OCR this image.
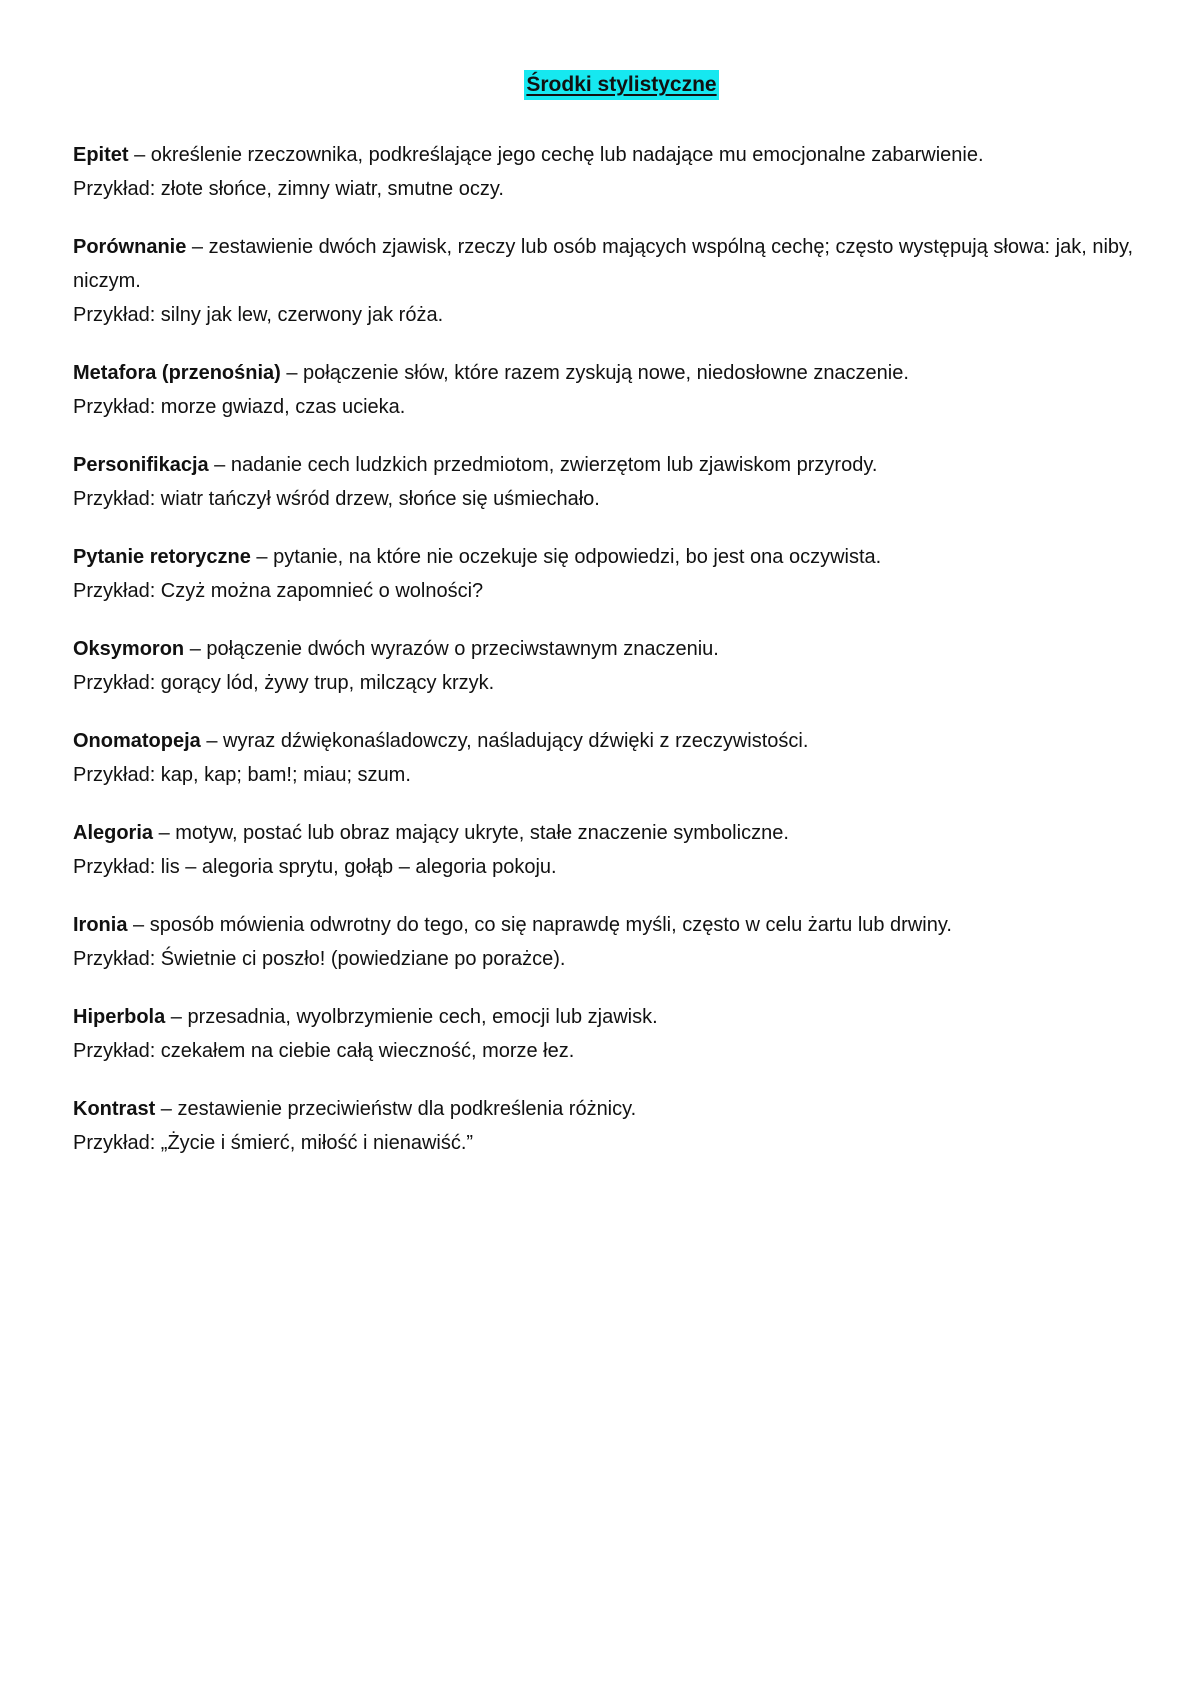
Środki stylistyczne

Epitet – określenie rzeczownika, podkreślające jego cechę lub nadające mu emocjonalne zabarwienie.

Przykład: złote słońce, zimny wiatr, smutne oczy.

Porównanie – zestawienie dwóch zjawisk, rzeczy lub osób mających wspólną cechę; często występują słowa: jak, niby, niczym.

Przykład: silny jak lew, czerwony jak róża.

Metafora (przenośnia) – połączenie słów, które razem zyskują nowe, niedosłowne znaczenie.

Przykład: morze gwiazd, czas ucieka.

Personifikacja – nadanie cech ludzkich przedmiotom, zwierzętom lub zjawiskom przyrody.

Przykład: wiatr tańczył wśród drzew, słońce się uśmiechało.

Pytanie retoryczne – pytanie, na które nie oczekuje się odpowiedzi, bo jest ona oczywista.

Przykład: Czyż można zapomnieć o wolności?

Oksymoron – połączenie dwóch wyrazów o przeciwstawnym znaczeniu.

Przykład: gorący lód, żywy trup, milczący krzyk.

Onomatopeja – wyraz dźwiękonaśladowczy, naśladujący dźwięki z rzeczywistości.

Przykład: kap, kap; bam!; miau; szum.

Alegoria – motyw, postać lub obraz mający ukryte, stałe znaczenie symboliczne.

Przykład: lis – alegoria sprytu, gołąb – alegoria pokoju.

Ironia – sposób mówienia odwrotny do tego, co się naprawdę myśli, często w celu żartu lub drwiny.

Przykład: Świetnie ci poszło! (powiedziane po porażce).

Hiperbola – przesadnia, wyolbrzymienie cech, emocji lub zjawisk.

Przykład: czekałem na ciebie całą wieczność, morze łez.

Kontrast – zestawienie przeciwieństw dla podkreślenia różnicy.

Przykład: „Życie i śmierć, miłość i nienawiść.”
